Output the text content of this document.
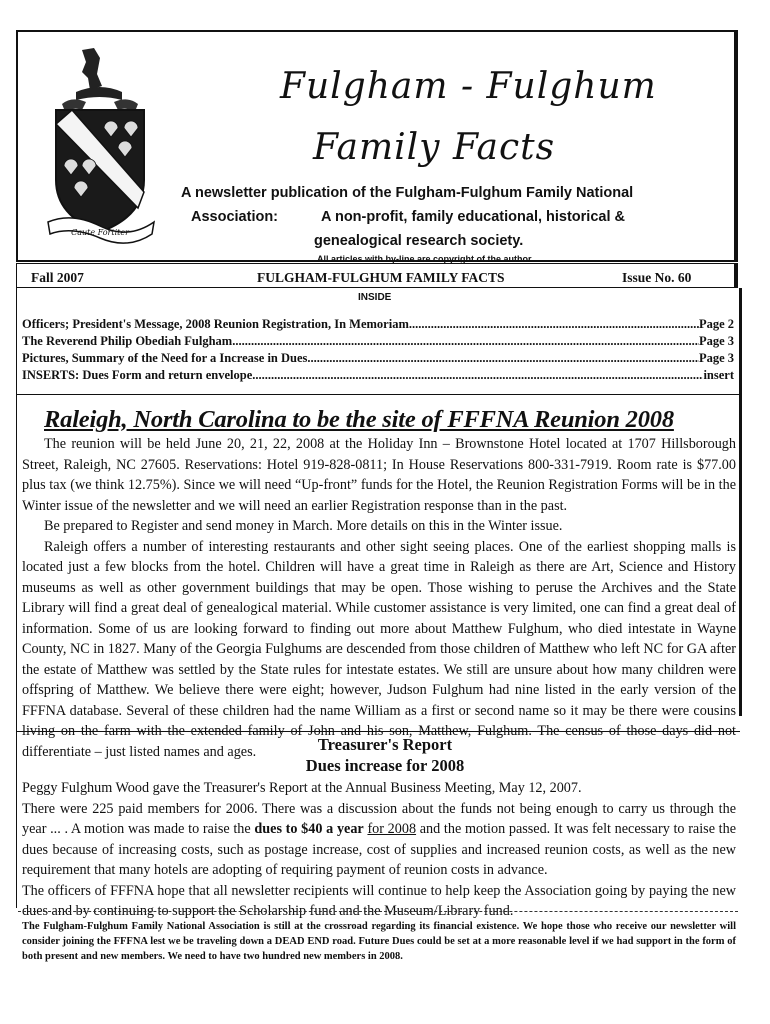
Caute Fortiter
Fulgham - Fulghum
Family Facts
A newsletter publication of the Fulgham-Fulghum Family National
Association:	A non-profit, family educational, historical &
genealogical research society.
All articles with by-line are copyright of the author
Fall 2007	FULGHAM-FULGHUM FAMILY FACTS	Issue No. 60
INSIDE
Officers; President's Message, 2008 Reunion Registration, In Memoriam .....	Page 2
The Reverend Philip Obediah Fulgham .....	Page 3
Pictures, Summary of the Need for a Increase in Dues .....	Page 3
INSERTS: Dues Form and return envelope .....	insert
Raleigh, North Carolina to be the site of FFFNA Reunion 2008

The reunion will be held June 20, 21, 22, 2008 at the Holiday Inn – Brownstone Hotel located at 1707 Hillsborough Street, Raleigh, NC 27605. Reservations: Hotel 919-828-0811; In House Reservations 800-331-7919. Room rate is $77.00 plus tax (we think 12.75%). Since we will need “Up-front” funds for the Hotel, the Reunion Registration Forms will be in the Winter issue of the newsletter and we will need an earlier Registration response than in the past.

Be prepared to Register and send money in March. More details on this in the Winter issue.

Raleigh offers a number of interesting restaurants and other sight seeing places. One of the earliest shopping malls is located just a few blocks from the hotel. Children will have a great time in Raleigh as there are Art, Science and History museums as well as other government buildings that may be open. Those wishing to peruse the Archives and the State Library will find a great deal of genealogical material. While customer assistance is very limited, one can find a great deal of information. Some of us are looking forward to finding out more about Matthew Fulghum, who died intestate in Wayne County, NC in 1827. Many of the Georgia Fulghums are descended from those children of Matthew who left NC for GA after the estate of Matthew was settled by the State rules for intestate estates. We still are unsure about how many children were offspring of Matthew. We believe there were eight; however, Judson Fulghum had nine listed in the early version of the FFFNA database. Several of these children had the name William as a first or second name so it may be there were cousins living on the farm with the extended family of John and his son, Matthew, Fulghum. The census of those days did not differentiate – just listed names and ages.	Treasurer's Report
Dues increase for 2008

Peggy Fulghum Wood gave the Treasurer's Report at the Annual Business Meeting, May 12, 2007.

There were 225 paid members for 2006. There was a discussion about the funds not being enough to carry us through the year ... . A motion was made to raise the dues to $40 a year for 2008 and the motion passed. It was felt necessary to raise the dues because of increasing costs, such as postage increase, cost of supplies and increased reunion costs, as well as the new requirement that many hotels are adopting of requiring payment of reunion costs in advance.

The officers of FFFNA hope that all newsletter recipients will continue to help keep the Association going by paying the new dues and by continuing to support the Scholarship fund and the Museum/Library fund.

The Fulgham-Fulghum Family National Association is still at the crossroad regarding its financial existence. We hope those who receive our newsletter will consider joining the FFFNA lest we be traveling down a DEAD END road. Future Dues could be set at a more reasonable level if we had support in the form of both present and new members. We need to have two hundred new members in 2008.
